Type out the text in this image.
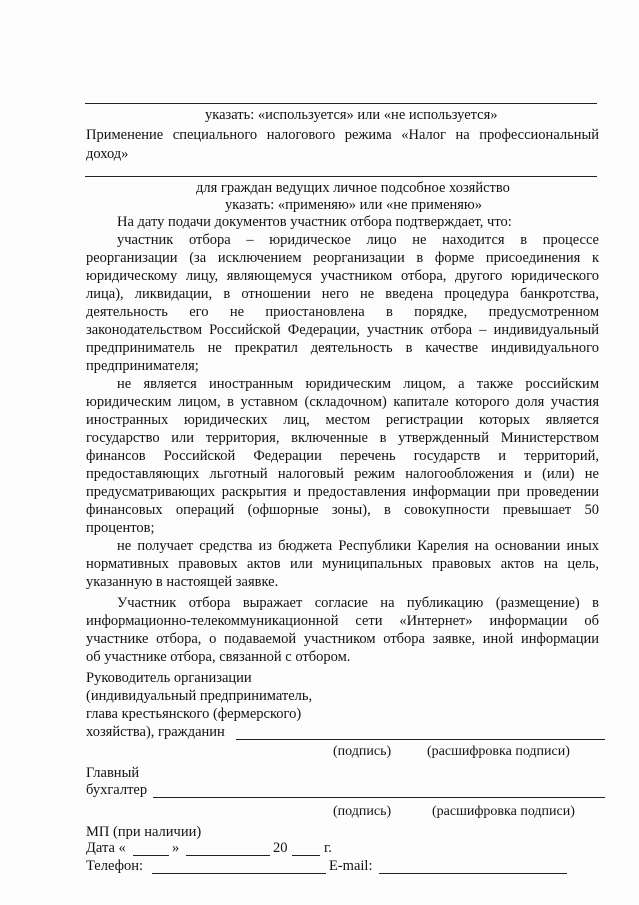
указать: «используется» или «не используется»
Применение специального налогового режима «Налог на профессиональный
доход»
для граждан ведущих личное подсобное хозяйство
указать: «применяю» или «не применяю»
На дату подачи документов участник отбора подтверждает, что:
участник отбора – юридическое лицо не находится в процессе
реорганизации (за исключением реорганизации в форме присоединения к
юридическому лицу, являющемуся участником отбора, другого юридического
лица), ликвидации, в отношении него не введена процедура банкротства,
деятельность его не приостановлена в порядке, предусмотренном
законодательством Российской Федерации, участник отбора – индивидуальный
предприниматель не прекратил деятельность в качестве индивидуального
предпринимателя;
не является иностранным юридическим лицом, а также российским
юридическим лицом, в уставном (складочном) капитале которого доля участия
иностранных юридических лиц, местом регистрации которых является
государство или территория, включенные в утвержденный Министерством
финансов Российской Федерации перечень государств и территорий,
предоставляющих льготный налоговый режим налогообложения и (или) не
предусматривающих раскрытия и предоставления информации при проведении
финансовых операций (офшорные зоны), в совокупности превышает 50
процентов;
не получает средства из бюджета Республики Карелия на основании иных
нормативных правовых актов или муниципальных правовых актов на цель,
указанную в настоящей заявке.
Участник отбора выражает согласие на публикацию (размещение) в
информационно-телекоммуникационной сети «Интернет» информации об
участнике отбора, о подаваемой участником отбора заявке, иной информации
об участнике отбора, связанной с отбором.
Руководитель организации
(индивидуальный предприниматель,
глава крестьянского (фермерского)
хозяйства), гражданин
(подпись)	(расшифровка подписи)
Главный
бухгалтер
(подпись)	(расшифровка подписи)
МП (при наличии)
Дата «	»	20	г.
Телефон:	E-mail:
